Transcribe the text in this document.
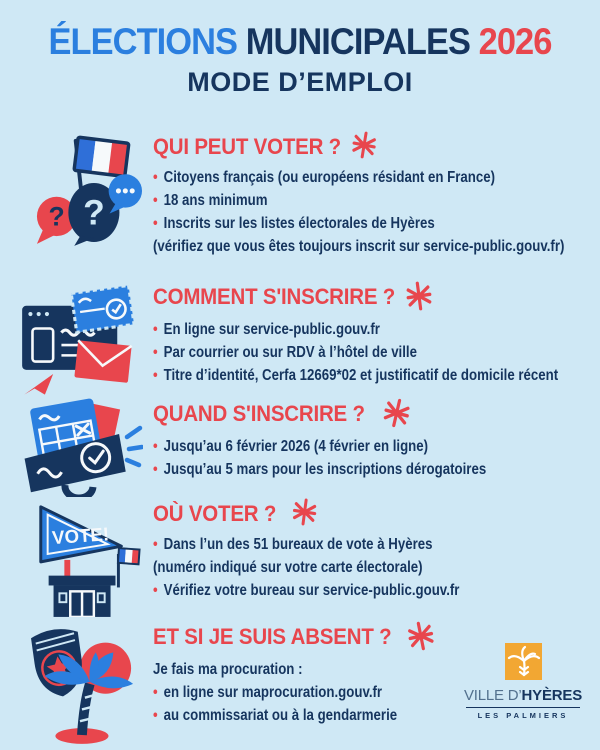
ÉLECTIONS MUNICIPALES 2026
MODE D’EMPLOI
? ?
QUI PEUT VOTER ?
• Citoyens français (ou européens résidant en France)
• 18 ans minimum
• Inscrits sur les listes électorales de Hyères
(vérifiez que vous êtes toujours inscrit sur service-public.gouv.fr)
COMMENT S'INSCRIRE ?
• En ligne sur service-public.gouv.fr
• Par courrier ou sur RDV à l’hôtel de ville
• Titre d’identité, Cerfa 12669*02 et justificatif de domicile récent
QUAND S'INSCRIRE ?
• Jusqu’au 6 février 2026 (4 février en ligne)
• Jusqu’au 5 mars pour les inscriptions dérogatoires
VOTE!
OÙ VOTER ?
• Dans l’un des 51 bureaux de vote à Hyères
(numéro indiqué sur votre carte électorale)
• Vérifiez votre bureau sur service-public.gouv.fr
ET SI JE SUIS ABSENT ?
Je fais ma procuration :
• en ligne sur maprocuration.gouv.fr
• au commissariat ou à la gendarmerie
VILLE D’HYÈRES
LES PALMIERS
